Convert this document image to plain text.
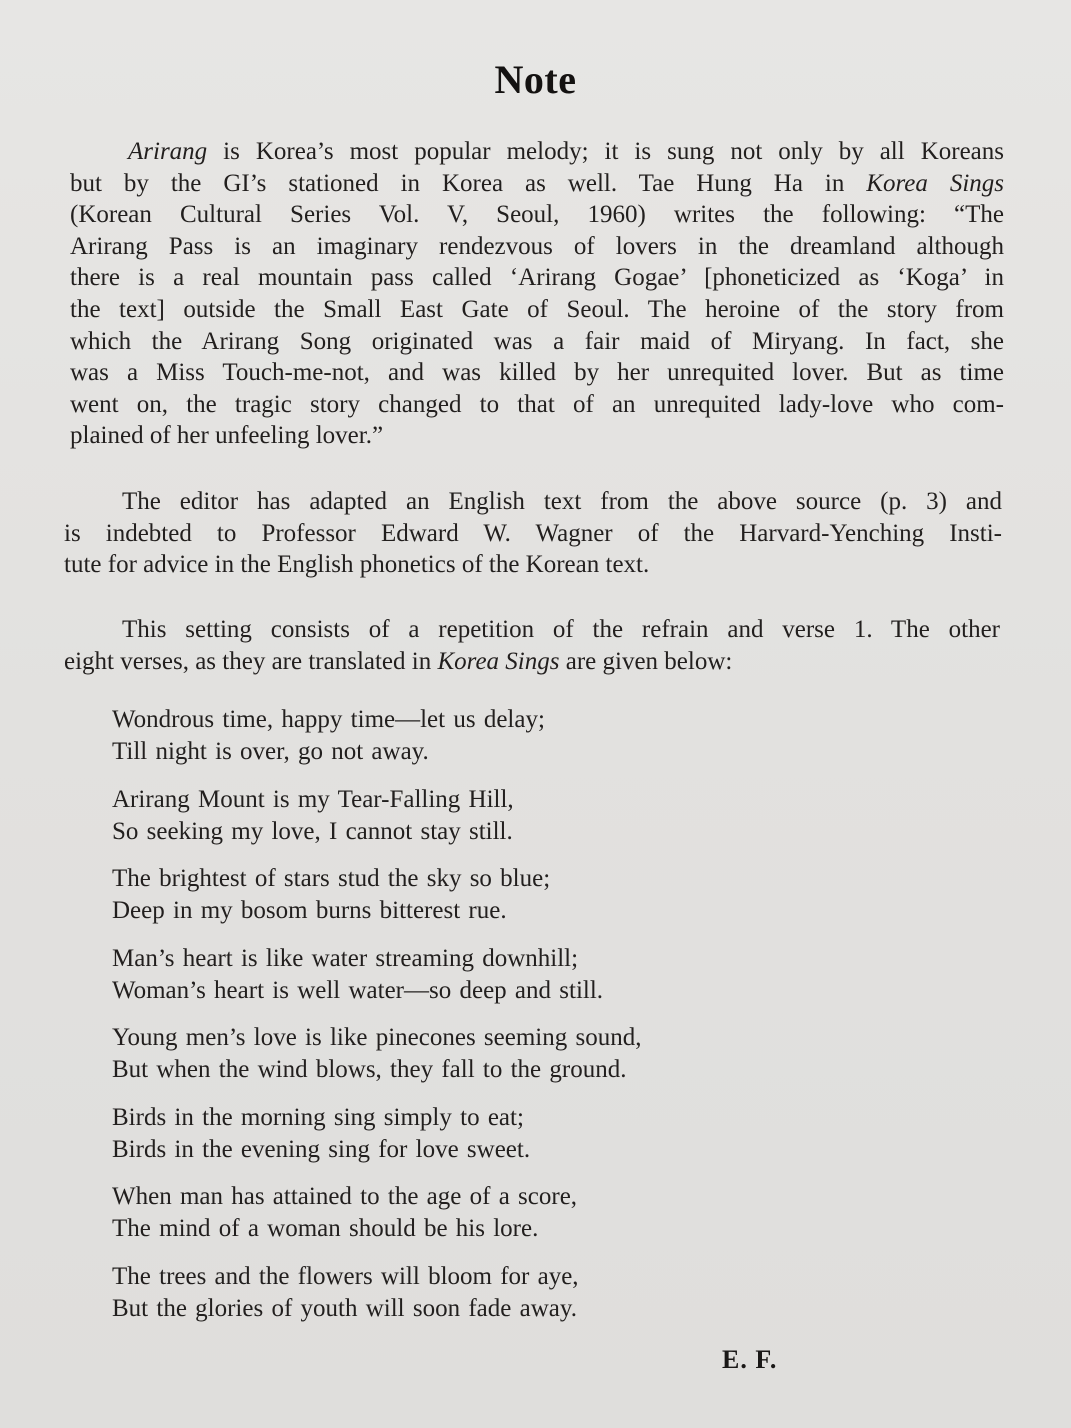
Note
Arirang is Korea’s most popular melody; it is sung not only by all Koreans
but by the GI’s stationed in Korea as well. Tae Hung Ha in Korea Sings
(Korean Cultural Series Vol. V, Seoul, 1960) writes the following: “The
Arirang Pass is an imaginary rendezvous of lovers in the dreamland although
there is a real mountain pass called ‘Arirang Gogae’ [phoneticized as ‘Koga’ in
the text] outside the Small East Gate of Seoul. The heroine of the story from
which the Arirang Song originated was a fair maid of Miryang. In fact, she
was a Miss Touch-me-not, and was killed by her unrequited lover. But as time
went on, the tragic story changed to that of an unrequited lady-love who com-
plained of her unfeeling lover.”
The editor has adapted an English text from the above source (p. 3) and
is indebted to Professor Edward W. Wagner of the Harvard-Yenching Insti-
tute for advice in the English phonetics of the Korean text.
This setting consists of a repetition of the refrain and verse 1. The other
eight verses, as they are translated in Korea Sings are given below:
Wondrous time, happy time—let us delay;
Till night is over, go not away.
Arirang Mount is my Tear-Falling Hill,
So seeking my love, I cannot stay still.
The brightest of stars stud the sky so blue;
Deep in my bosom burns bitterest rue.
Man’s heart is like water streaming downhill;
Woman’s heart is well water—so deep and still.
Young men’s love is like pinecones seeming sound,
But when the wind blows, they fall to the ground.
Birds in the morning sing simply to eat;
Birds in the evening sing for love sweet.
When man has attained to the age of a score,
The mind of a woman should be his lore.
The trees and the flowers will bloom for aye,
But the glories of youth will soon fade away.
E. F.
